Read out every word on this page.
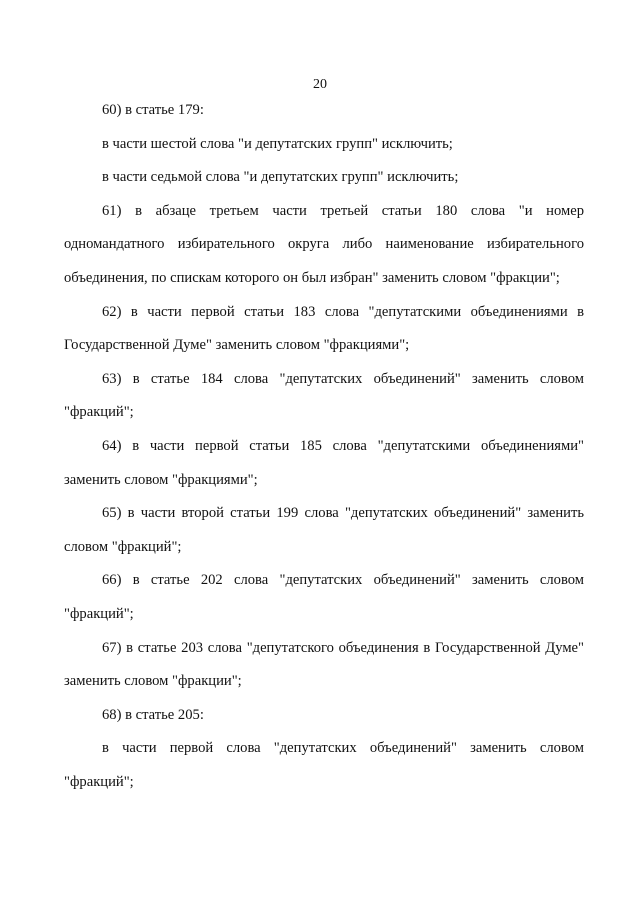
20
60) в статье 179:
в части шестой слова "и депутатских групп" исключить;
в части седьмой слова "и депутатских групп" исключить;
61) в абзаце третьем части третьей статьи 180 слова "и номер
одномандатного избирательного округа либо наименование избирательного
объединения, по спискам которого он был избран" заменить словом "фракции";
62) в части первой статьи 183 слова "депутатскими объединениями в
Государственной Думе" заменить словом "фракциями";
63) в статье 184 слова "депутатских объединений" заменить словом
"фракций";
64) в части первой статьи 185 слова "депутатскими объединениями"
заменить словом "фракциями";
65) в части второй статьи 199 слова "депутатских объединений" заменить
словом "фракций";
66) в статье 202 слова "депутатских объединений" заменить словом
"фракций";
67) в статье 203 слова "депутатского объединения в Государственной Думе"
заменить словом "фракции";
68) в статье 205:
в части первой слова "депутатских объединений" заменить словом
"фракций";
